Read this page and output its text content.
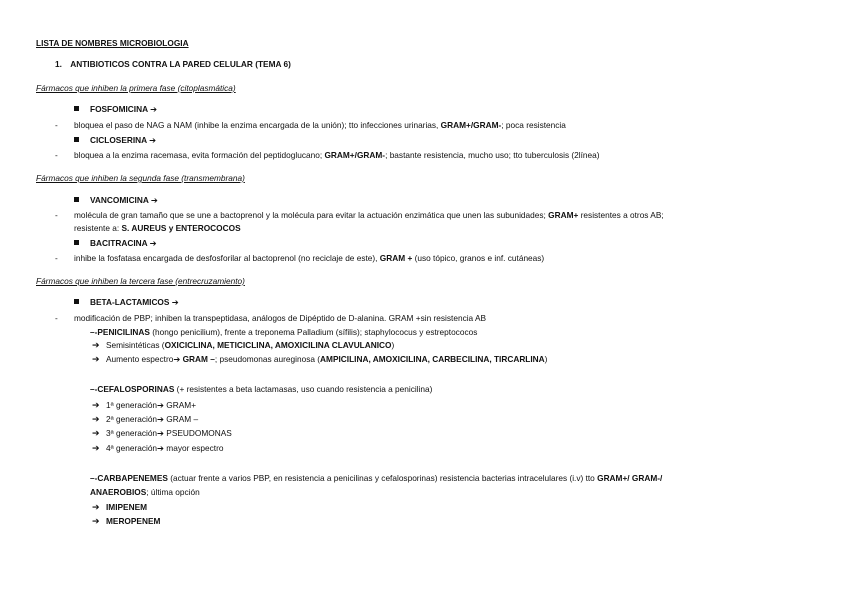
LISTA DE NOMBRES MICROBIOLOGIA
1. ANTIBIOTICOS CONTRA LA PARED CELULAR (TEMA 6)
Fármacos que inhiben la primera fase (citoplasmática)
FOSFOMICINA ➔
- bloquea el paso de NAG a NAM (inhibe la enzima encargada de la unión); tto infecciones urinarias, GRAM+/GRAM-; poca resistencia
CICLOSERINA ➔
- bloquea a la enzima racemasa, evita formación del peptidoglucano; GRAM+/GRAM-; bastante resistencia, mucho uso; tto tuberculosis (2línea)
Fármacos que inhiben la segunda fase (transmembrana)
VANCOMICINA ➔
- molécula de gran tamaño que se une a bactoprenol y la molécula para evitar la actuación enzimática que unen las subunidades; GRAM+ resistentes a otros AB;
resistente a: S. AUREUS y ENTEROCOCOS
BACITRACINA ➔
- inhibe la fosfatasa encargada de desfosforilar al bactoprenol (no reciclaje de este), GRAM + (uso tópico, granos e inf. cutáneas)
Fármacos que inhiben la tercera fase (entrecruzamiento)
BETA-LACTAMICOS ➔
- modificación de PBP; inhiben la transpeptidasa, análogos de Dipéptido de D-alanina. GRAM +sin resistencia AB
–-PENICILINAS (hongo penicilium), frente a treponema Palladium (sífilis); staphylococus y estreptococos
➔ Semisintéticas (OXICICLINA, METICICLINA, AMOXICILINA CLAVULANICO)
➔ Aumento espectro➔ GRAM –; pseudomonas aureginosa (AMPICILINA, AMOXICILINA, CARBECILINA, TIRCARLINA)
–-CEFALOSPORINAS (+ resistentes a beta lactamasas, uso cuando resistencia a penicilina)
➔ 1ª generación➔ GRAM+
➔ 2ª generación➔ GRAM –
➔ 3ª generación➔ PSEUDOMONAS
➔ 4ª generación➔ mayor espectro
–-CARBAPENEMES (actuar frente a varios PBP, en resistencia a penicilinas y cefalosporinas) resistencia bacterias intracelulares (i.v) tto GRAM+/ GRAM-/
ANAEROBIOS; última opción
➔ IMIPENEM
➔ MEROPENEM
